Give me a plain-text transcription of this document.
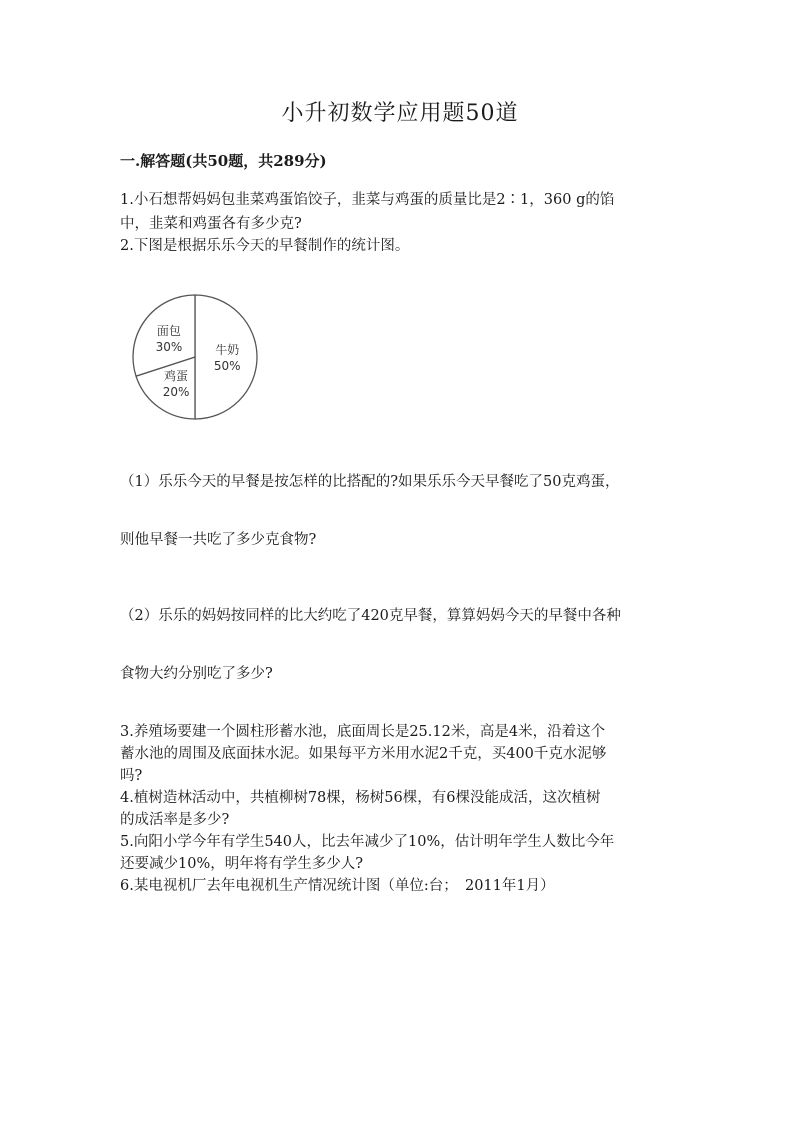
小升初数学应用题50道
一.解答题(共50题，共289分)
1.小石想帮妈妈包韭菜鸡蛋馅饺子，韭菜与鸡蛋的质量比是2∶1，360 g的馅
中，韭菜和鸡蛋各有多少克?
2.下图是根据乐乐今天的早餐制作的统计图。
牛奶
50%
鸡蛋
20%
面包
30%
（1）乐乐今天的早餐是按怎样的比搭配的?如果乐乐今天早餐吃了50克鸡蛋，
则他早餐一共吃了多少克食物?
（2）乐乐的妈妈按同样的比大约吃了420克早餐，算算妈妈今天的早餐中各种
食物大约分别吃了多少?
3.养殖场要建一个圆柱形蓄水池，底面周长是25.12米，高是4米，沿着这个
蓄水池的周围及底面抹水泥。如果每平方米用水泥2千克，买400千克水泥够
吗?
4.植树造林活动中，共植柳树78棵，杨树56棵，有6棵没能成活，这次植树
的成活率是多少?
5.向阳小学今年有学生540人，比去年减少了10%，估计明年学生人数比今年
还要减少10%，明年将有学生多少人?
6.某电视机厂去年电视机生产情况统计图（单位:台；　2011年1月）
